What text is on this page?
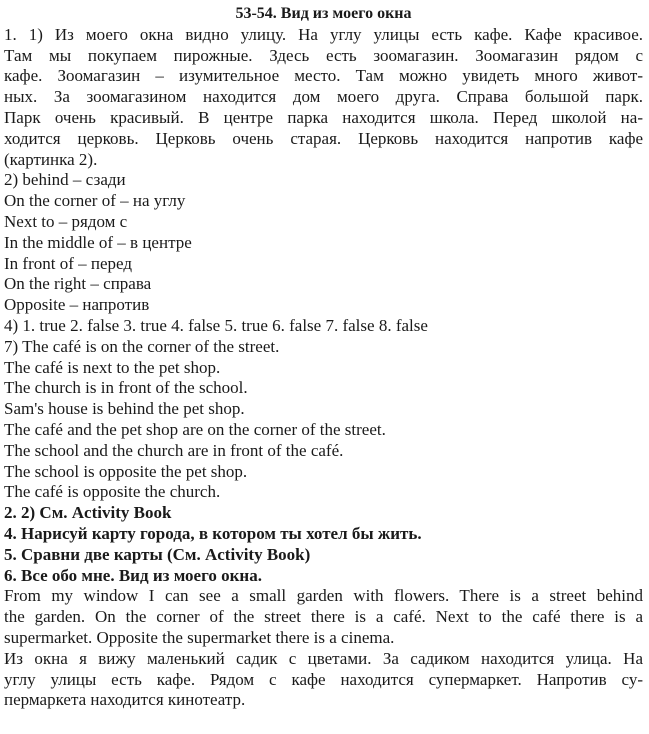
53-54. Вид из моего окна
1. 1) Из моего окна видно улицу. На углу улицы есть кафе. Кафе красивое.
Там мы покупаем пирожные. Здесь есть зоомагазин. Зоомагазин рядом с
кафе. Зоомагазин – изумительное место. Там можно увидеть много живот-
ных. За зоомагазином находится дом моего друга. Справа большой парк.
Парк очень красивый. В центре парка находится школа. Перед школой на-
ходится церковь. Церковь очень старая. Церковь находится напротив кафе
(картинка 2).
2) behind – сзади
On the corner of – на углу
Next to – рядом с
In the middle of – в центре
In front of – перед
On the right – справа
Opposite – напротив
4) 1. true 2. false 3. true 4. false 5. true 6. false 7. false 8. false
7) The café is on the corner of the street.
The café is next to the pet shop.
The church is in front of the school.
Sam's house is behind the pet shop.
The café and the pet shop are on the corner of the street.
The school and the church are in front of the café.
The school is opposite the pet shop.
The café is opposite the church.
2. 2) См. Activity Book
4. Нарисуй карту города, в котором ты хотел бы жить.
5. Сравни две карты (См. Activity Book)
6. Все обо мне. Вид из моего окна.
From my window I can see a small garden with flowers. There is a street behind
the garden. On the corner of the street there is a café. Next to the café there is a
supermarket. Opposite the supermarket there is a cinema.
Из окна я вижу маленький садик с цветами. За садиком находится улица. На
углу улицы есть кафе. Рядом с кафе находится супермаркет. Напротив су-
пермаркета находится кинотеатр.
